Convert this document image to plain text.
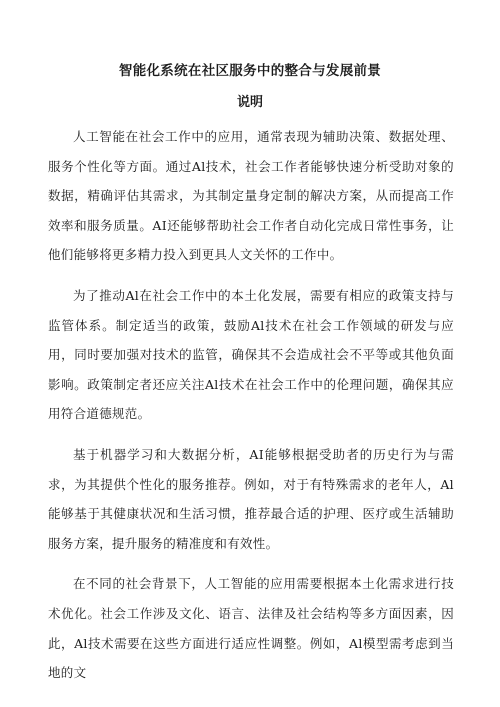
智能化系统在社区服务中的整合与发展前景
说明

人工智能在社会工作中的应用，通常表现为辅助决策、数据处理、服务个性化等方面。通过Al技术，社会工作者能够快速分析受助对象的数据，精确评估其需求，为其制定量身定制的解决方案，从而提高工作效率和服务质量。AI还能够帮助社会工作者自动化完成日常性事务，让他们能够将更多精力投入到更具人文关怀的工作中。

为了推动Al在社会工作中的本土化发展，需要有相应的政策支持与监管体系。制定适当的政策，鼓励Al技术在社会工作领域的研发与应用，同时要加强对技术的监管，确保其不会造成社会不平等或其他负面影响。政策制定者还应关注Al技术在社会工作中的伦理问题，确保其应用符合道德规范。

基于机器学习和大数据分析，AI能够根据受助者的历史行为与需求，为其提供个性化的服务推荐。例如，对于有特殊需求的老年人，Al能够基于其健康状况和生活习惯，推荐最合适的护理、医疗或生活辅助服务方案，提升服务的精准度和有效性。

在不同的社会背景下，人工智能的应用需要根据本土化需求进行技术优化。社会工作涉及文化、语言、法律及社会结构等多方面因素，因此，Al技术需要在这些方面进行适应性调整。例如，Al模型需考虑到当地的文
